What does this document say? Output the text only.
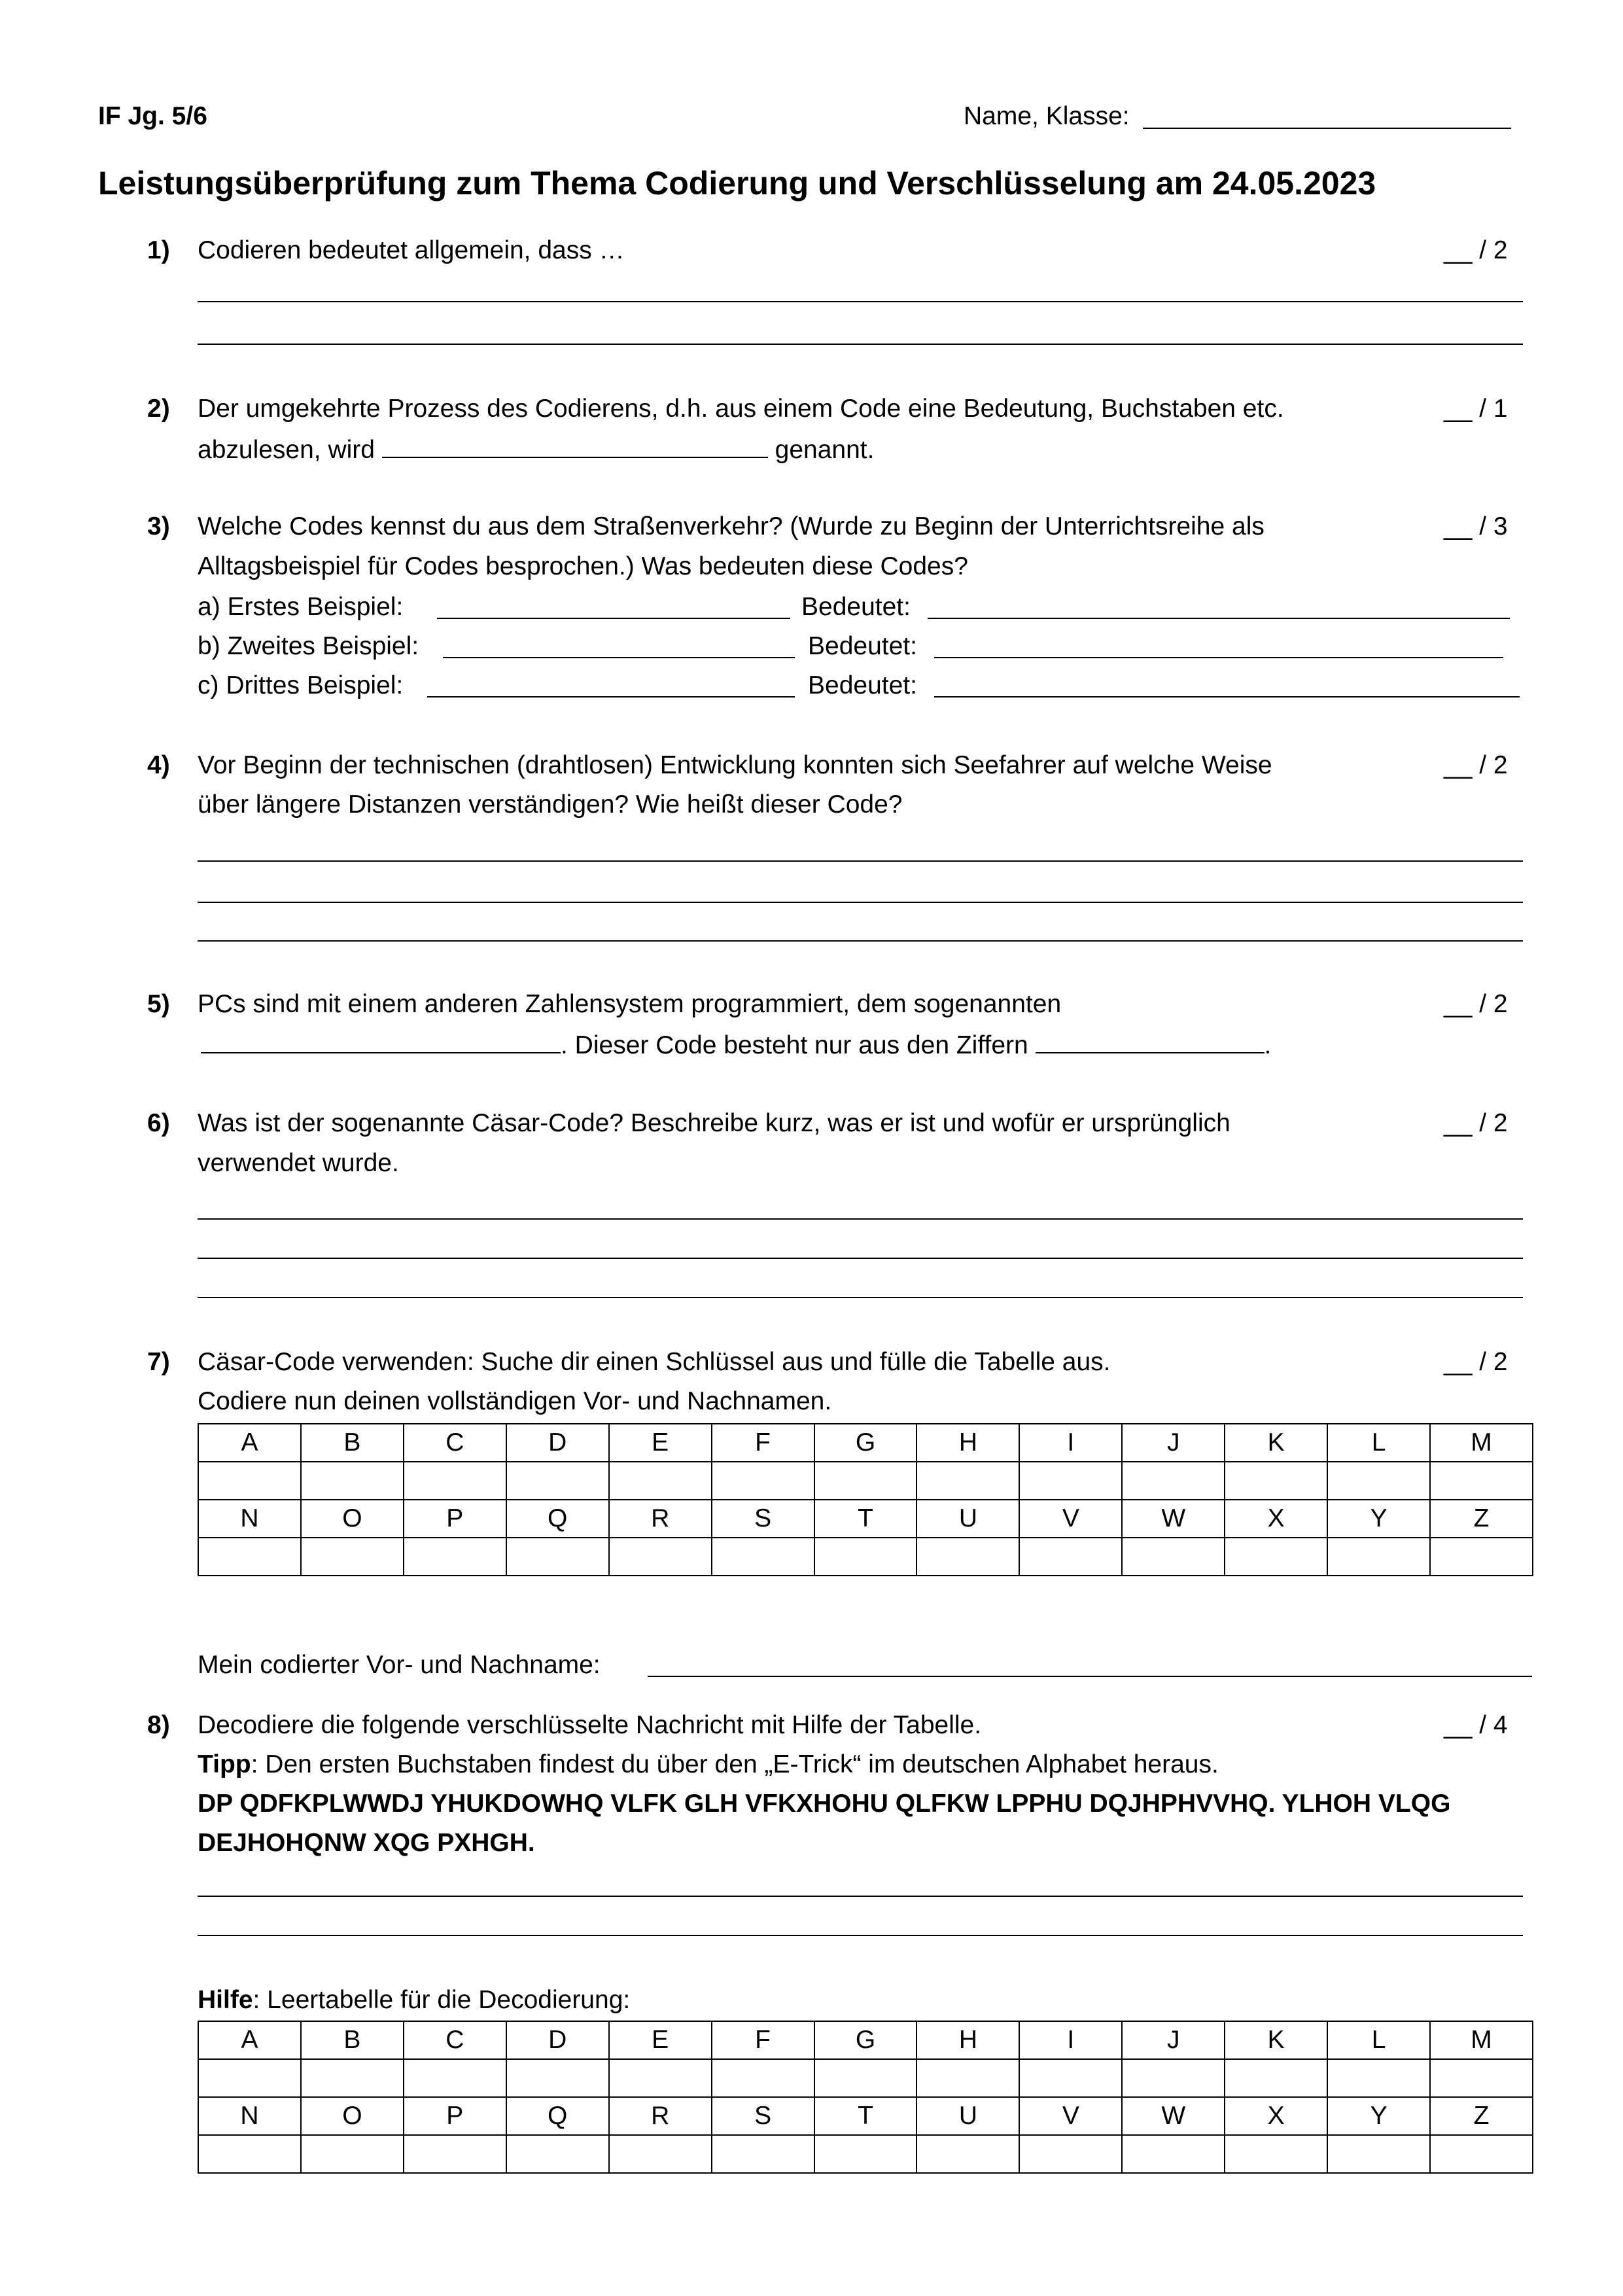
IF Jg. 5/6	Name, Klasse:
Leistungsüberprüfung zum Thema Codierung und Verschlüsselung am 24.05.2023
1) Codieren bedeutet allgemein, dass …	__ / 2
2) Der umgekehrte Prozess des Codierens, d.h. aus einem Code eine Bedeutung, Buchstaben etc.	__ / 1
abzulesen, wird	genannt.
3) Welche Codes kennst du aus dem Straßenverkehr? (Wurde zu Beginn der Unterrichtsreihe als	__ / 3
Alltagsbeispiel für Codes besprochen.) Was bedeuten diese Codes?
a) Erstes Beispiel:	Bedeutet:
b) Zweites Beispiel:	Bedeutet:
c) Drittes Beispiel:	Bedeutet:
4) Vor Beginn der technischen (drahtlosen) Entwicklung konnten sich Seefahrer auf welche Weise	__ / 2
über längere Distanzen verständigen? Wie heißt dieser Code?
5) PCs sind mit einem anderen Zahlensystem programmiert, dem sogenannten	__ / 2
. Dieser Code besteht nur aus den Ziffern	.
6) Was ist der sogenannte Cäsar-Code? Beschreibe kurz, was er ist und wofür er ursprünglich	__ / 2
verwendet wurde.
7) Cäsar-Code verwenden: Suche dir einen Schlüssel aus und fülle die Tabelle aus.	__ / 2
Codiere nun deinen vollständigen Vor- und Nachnamen.
A	B	C	D	E	F	G	H	I	J	K	L	M

N	O	P	Q	R	S	T	U	V	W	X	Y	Z

Mein codierter Vor- und Nachname:
8) Decodiere die folgende verschlüsselte Nachricht mit Hilfe der Tabelle.	__ / 4
Tipp: Den ersten Buchstaben findest du über den „E-Trick“ im deutschen Alphabet heraus.
DP QDFKPLWWDJ YHUKDOWHQ VLFK GLH VFKXHOHU QLFKW LPPHU DQJHPHVVHQ. YLHOH VLQG
DEJHOHQNW XQG PXHGH.
Hilfe: Leertabelle für die Decodierung:
A	B	C	D	E	F	G	H	I	J	K	L	M

N	O	P	Q	R	S	T	U	V	W	X	Y	Z
